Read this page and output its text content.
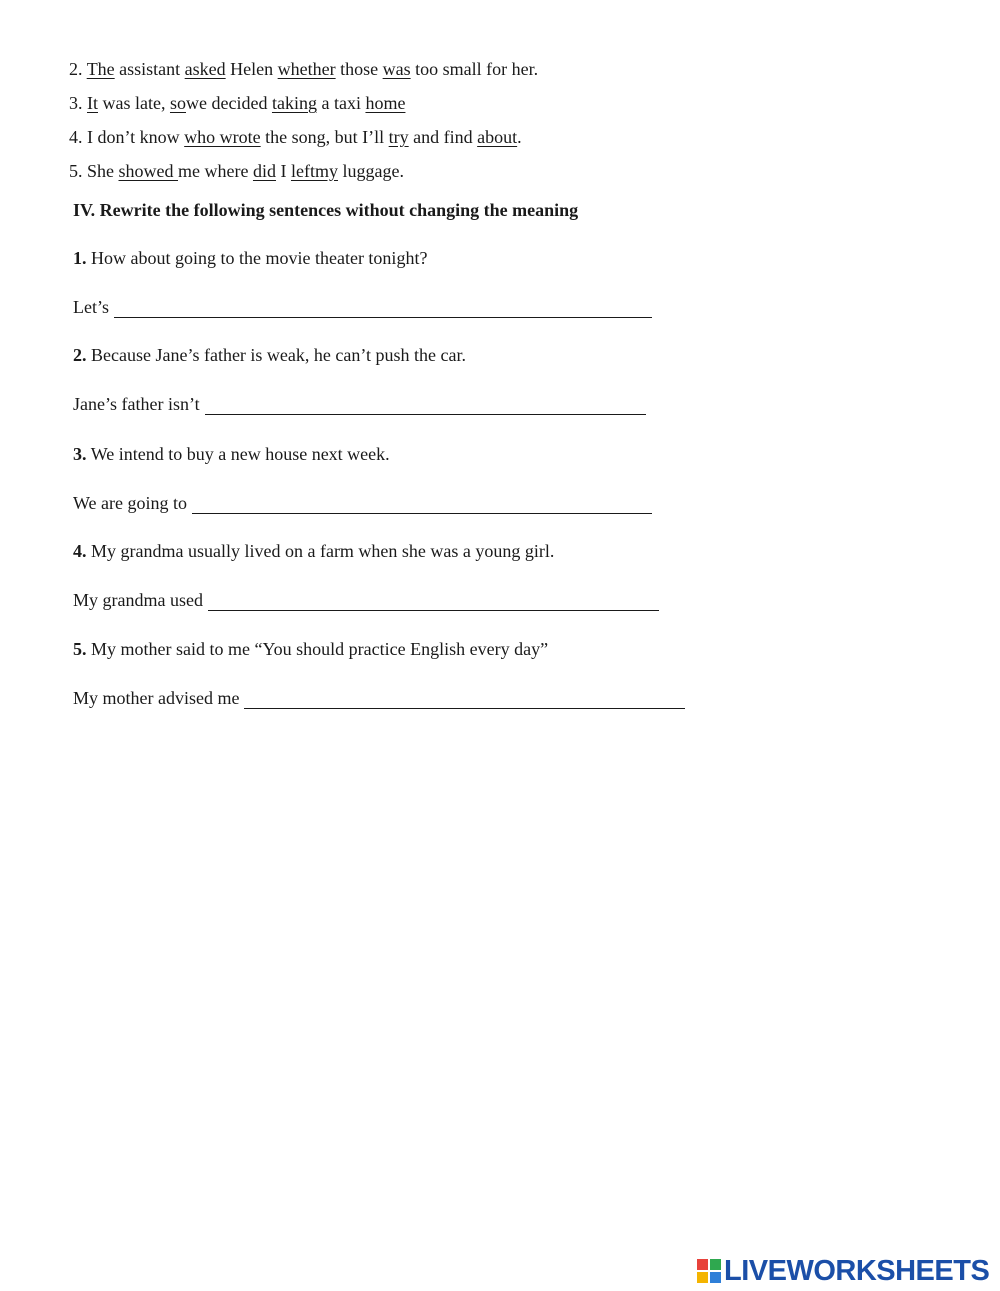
2. The assistant asked Helen whether those was too small for her.
3. It was late, sowe decided taking a taxi home
4. I don’t know who wrote the song, but I’ll try and find about.
5. She showed me where did I leftmy luggage.
IV. Rewrite the following sentences without changing the meaning
1. How about going to the movie theater tonight?
Let’s
2. Because Jane’s father is weak, he can’t push the car.
Jane’s father isn’t
3. We intend to buy a new house next week.
We are going to
4. My grandma usually lived on a farm when she was a young girl.
My grandma used
5. My mother said to me “You should practice English every day”
My mother advised me
LIVEWORKSHEETS
